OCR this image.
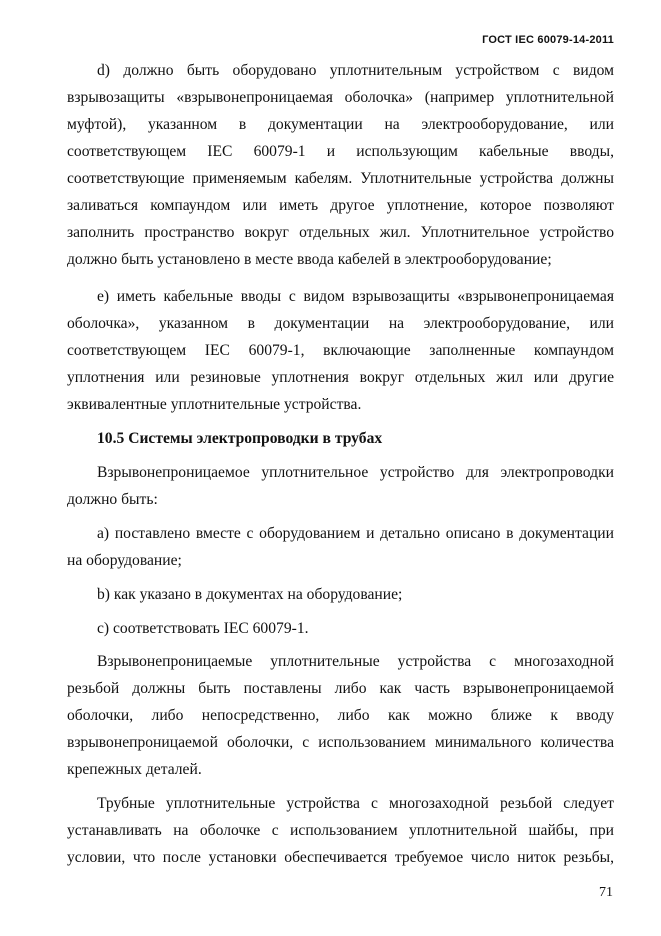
ГОСТ IEC 60079-14-2011
d) должно быть оборудовано уплотнительным устройством с видом
взрывозащиты «взрывонепроницаемая оболочка» (например уплотнительной
муфтой), указанном в документации на электрооборудование, или
соответствующем IEC 60079-1 и использующим кабельные вводы,
соответствующие применяемым кабелям. Уплотнительные устройства должны
заливаться компаундом или иметь другое уплотнение, которое позволяют
заполнить пространство вокруг отдельных жил. Уплотнительное устройство
должно быть установлено в месте ввода кабелей в электрооборудование;
e) иметь кабельные вводы с видом взрывозащиты «взрывонепроницаемая
оболочка», указанном в документации на электрооборудование, или
соответствующем IEC 60079-1, включающие заполненные компаундом
уплотнения или резиновые уплотнения вокруг отдельных жил или другие
эквивалентные уплотнительные устройства.
10.5 Системы электропроводки в трубах
Взрывонепроницаемое уплотнительное устройство для электропроводки
должно быть:
a) поставлено вместе с оборудованием и детально описано в документации
на оборудование;
b) как указано в документах на оборудование;
c) соответствовать IEC 60079-1.
Взрывонепроницаемые уплотнительные устройства с многозаходной
резьбой должны быть поставлены либо как часть взрывонепроницаемой
оболочки, либо непосредственно, либо как можно ближе к вводу
взрывонепроницаемой оболочки, с использованием минимального количества
крепежных деталей.
Трубные уплотнительные устройства с многозаходной резьбой следует
устанавливать на оболочке с использованием уплотнительной шайбы, при
условии, что после установки обеспечивается требуемое число ниток резьбы,
71
